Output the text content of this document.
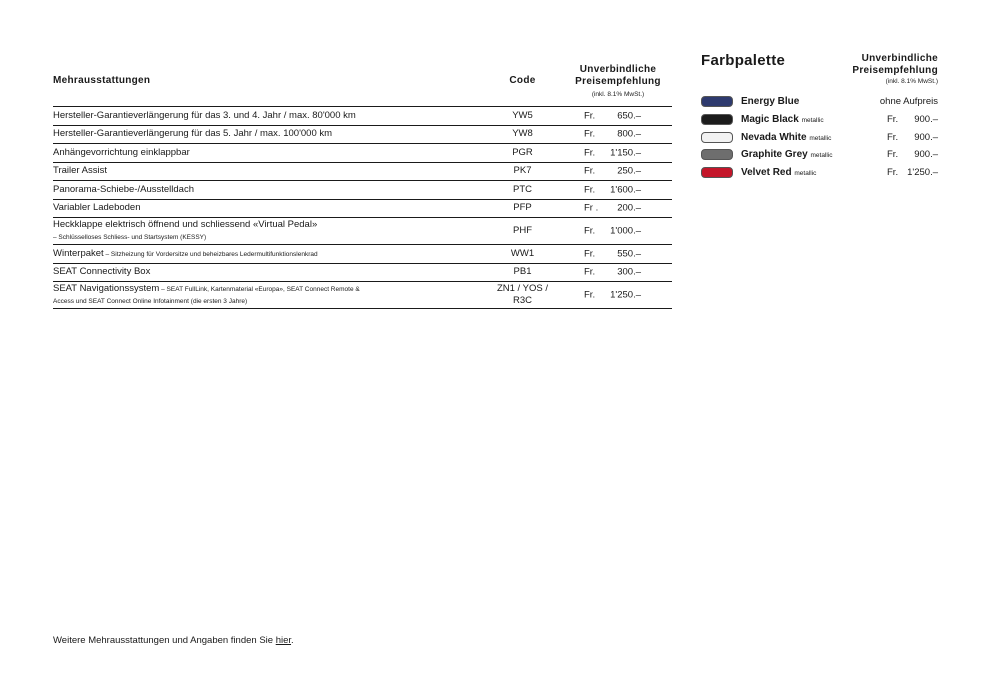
Mehrausstattungen	Code
Unverbindliche
Preisempfehlung
(inkl. 8.1% MwSt.)
Hersteller-Garantieverlängerung für das 3. und 4. Jahr / max. 80'000 km	YW5	Fr.	650.–
Hersteller-Garantieverlängerung für das 5. Jahr / max. 100'000 km	YW8	Fr.	800.–
Anhängevorrichtung einklappbar	PGR	Fr.	1'150.–
Trailer Assist	PK7	Fr.	250.–
Panorama-Schiebe-/Ausstelldach	PTC	Fr.	1'600.–
Variabler Ladeboden	PFP	Fr .	200.–
Heckklappe elektrisch öffnend und schliessend «Virtual Pedal»
– Schlüsselloses Schliess- und Startsystem (KESSY)
PHF	Fr.	1'000.–
Winterpaket – Sitzheizung für Vordersitze und beheizbares Ledermultifunktionslenkrad	WW1	Fr.	550.–
SEAT Connectivity Box	PB1	Fr.	300.–
SEAT Navigationssystem – SEAT FullLink, Kartenmaterial «Europa», SEAT Connect Remote & Access und SEAT Connect Online Infotainment (die ersten 3 Jahre)
ZN1 / YOS /
R3C	Fr.	1'250.–
Farbpalette	Unverbindliche
Preisempfehlung
(inkl. 8.1% MwSt.)
Energy Blue	ohne Aufpreis
Magic Black metallic	Fr. 900.–
Nevada White metallic	Fr. 900.–
Graphite Grey metallic	Fr. 900.–
Velvet Red metallic	Fr. 1'250.–
Weitere Mehrausstattungen und Angaben finden Sie hier.
